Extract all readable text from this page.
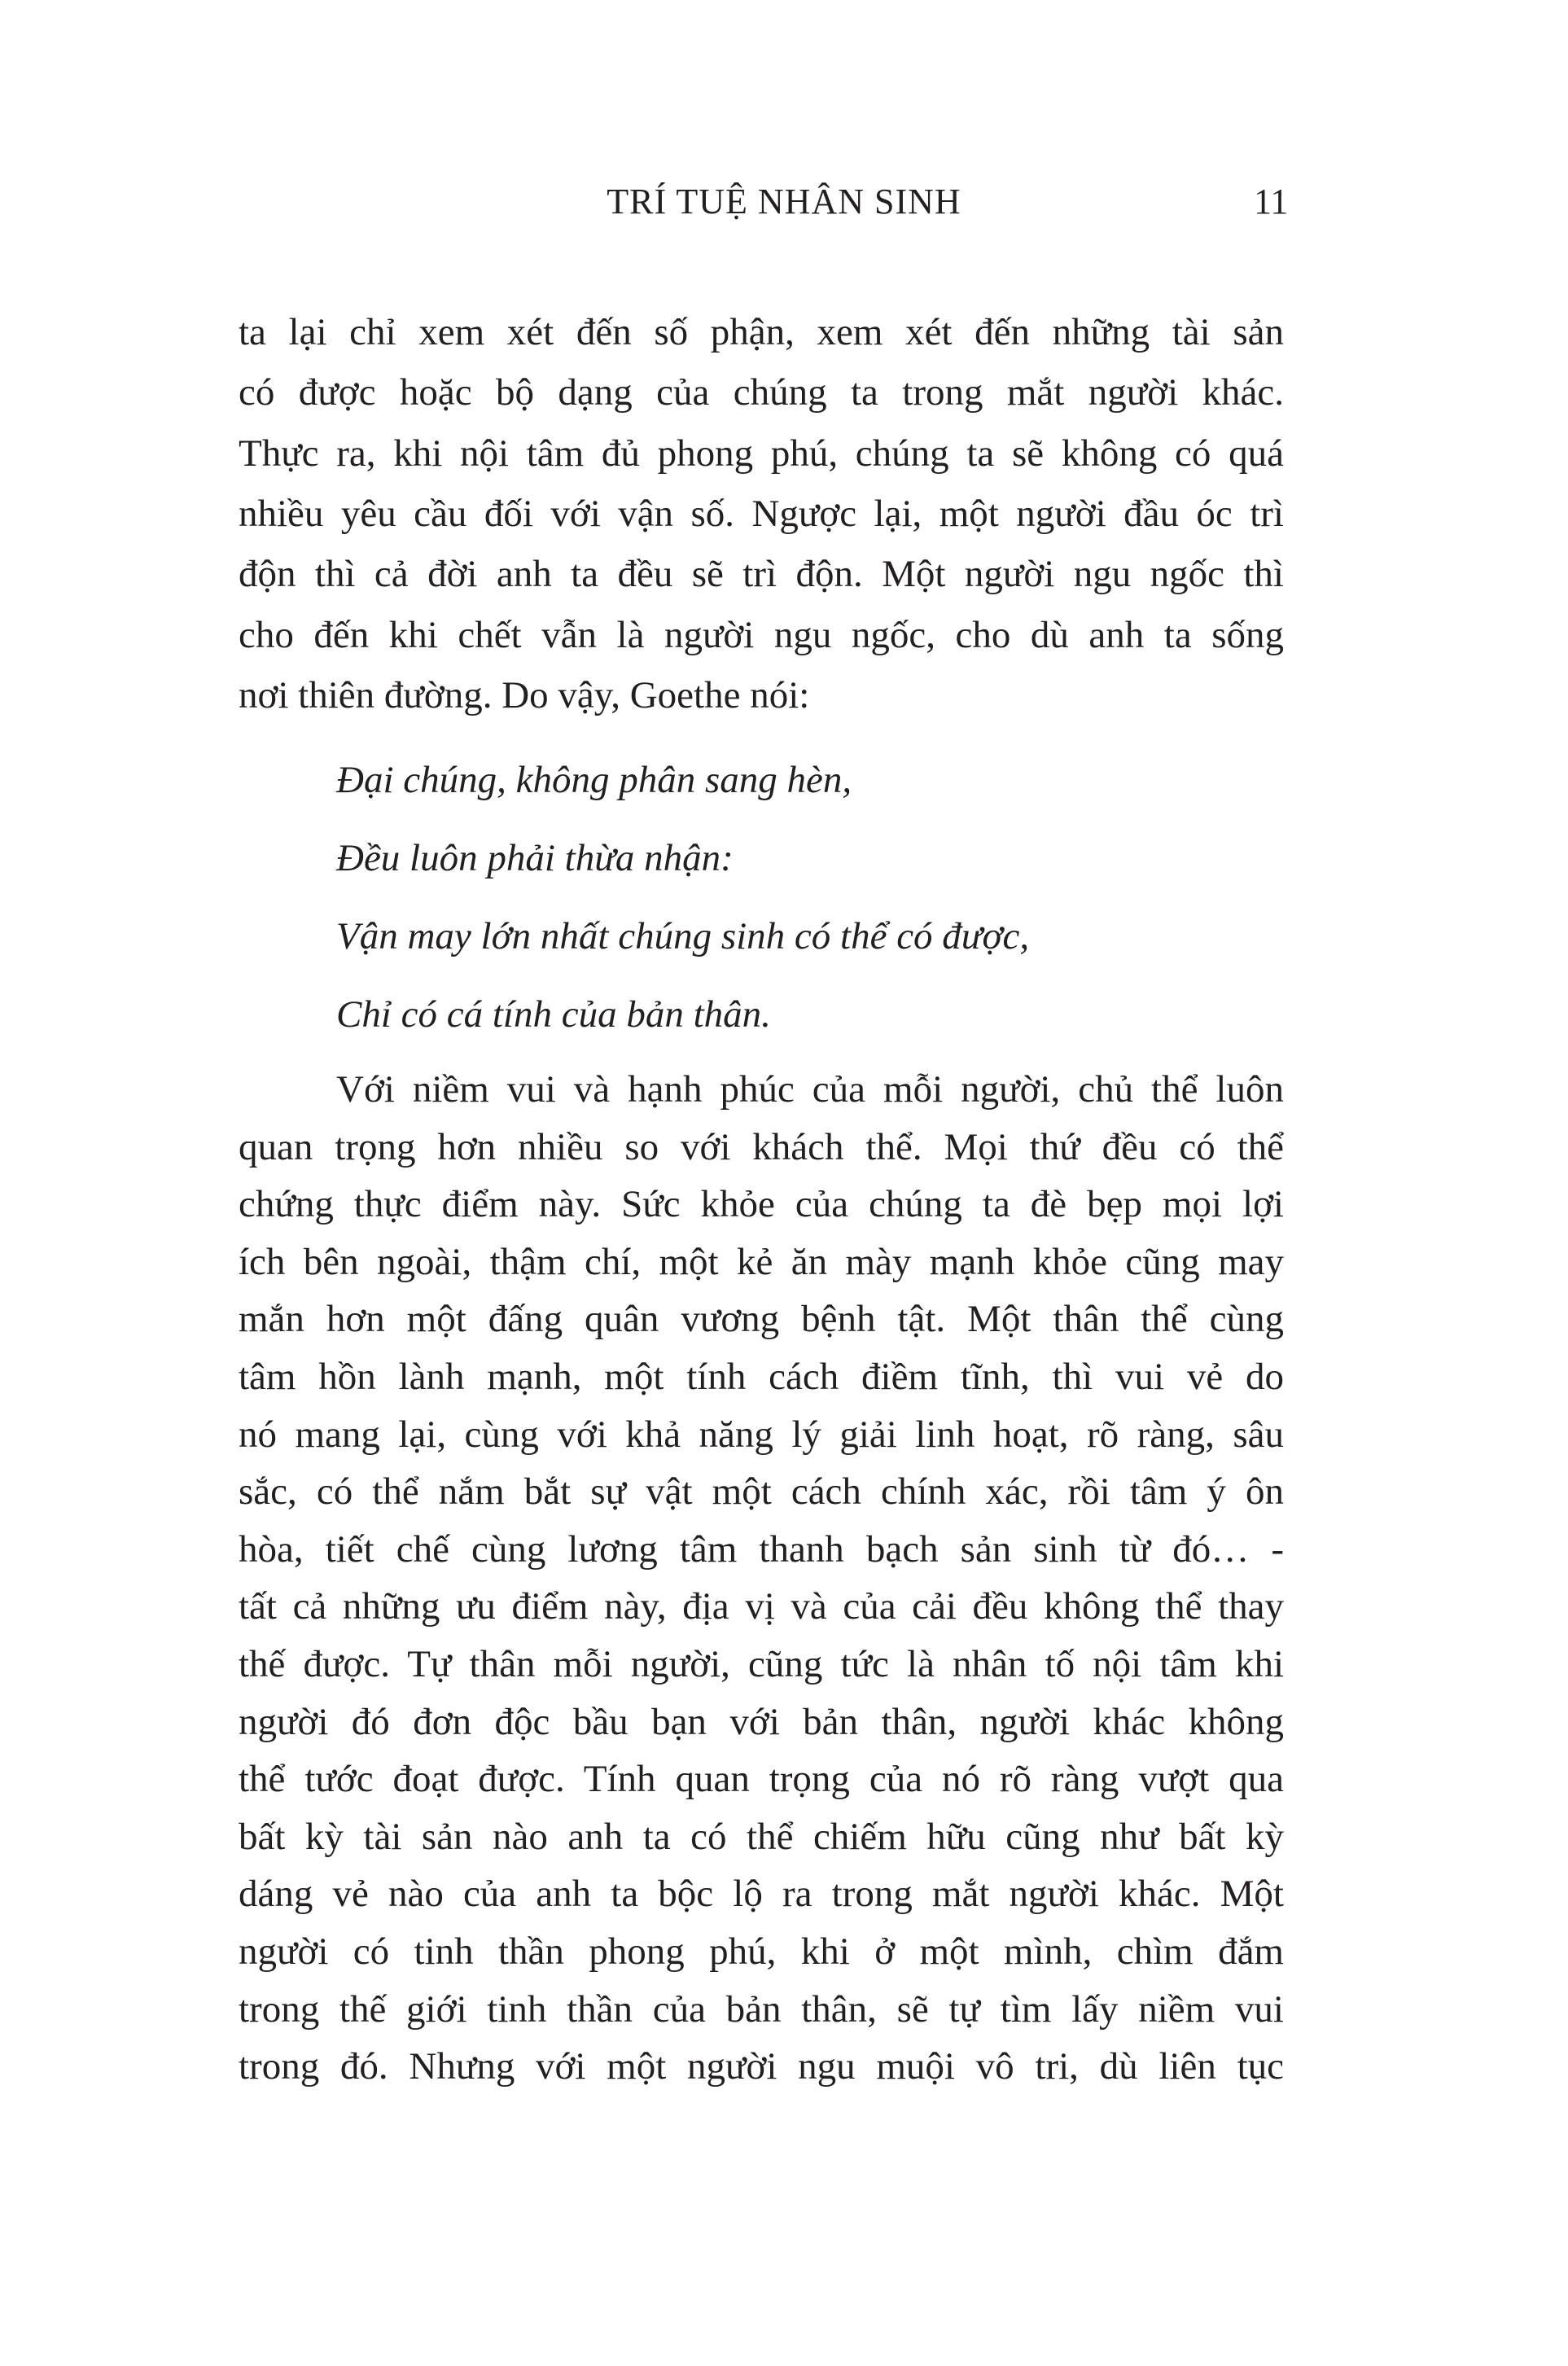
TRÍ TUỆ NHÂN SINH	11
ta lại chỉ xem xét đến số phận, xem xét đến những tài sản
có được hoặc bộ dạng của chúng ta trong mắt người khác.
Thực ra, khi nội tâm đủ phong phú, chúng ta sẽ không có quá
nhiều yêu cầu đối với vận số. Ngược lại, một người đầu óc trì
độn thì cả đời anh ta đều sẽ trì độn. Một người ngu ngốc thì
cho đến khi chết vẫn là người ngu ngốc, cho dù anh ta sống
nơi thiên đường. Do vậy, Goethe nói:
Đại chúng, không phân sang hèn,
Đều luôn phải thừa nhận:
Vận may lớn nhất chúng sinh có thể có được,
Chỉ có cá tính của bản thân.
Với niềm vui và hạnh phúc của mỗi người, chủ thể luôn
quan trọng hơn nhiều so với khách thể. Mọi thứ đều có thể
chứng thực điểm này. Sức khỏe của chúng ta đè bẹp mọi lợi
ích bên ngoài, thậm chí, một kẻ ăn mày mạnh khỏe cũng may
mắn hơn một đấng quân vương bệnh tật. Một thân thể cùng
tâm hồn lành mạnh, một tính cách điềm tĩnh, thì vui vẻ do
nó mang lại, cùng với khả năng lý giải linh hoạt, rõ ràng, sâu
sắc, có thể nắm bắt sự vật một cách chính xác, rồi tâm ý ôn
hòa, tiết chế cùng lương tâm thanh bạch sản sinh từ đó… -
tất cả những ưu điểm này, địa vị và của cải đều không thể thay
thế được. Tự thân mỗi người, cũng tức là nhân tố nội tâm khi
người đó đơn độc bầu bạn với bản thân, người khác không
thể tước đoạt được. Tính quan trọng của nó rõ ràng vượt qua
bất kỳ tài sản nào anh ta có thể chiếm hữu cũng như bất kỳ
dáng vẻ nào của anh ta bộc lộ ra trong mắt người khác. Một
người có tinh thần phong phú, khi ở một mình, chìm đắm
trong thế giới tinh thần của bản thân, sẽ tự tìm lấy niềm vui
trong đó. Nhưng với một người ngu muội vô tri, dù liên tục
